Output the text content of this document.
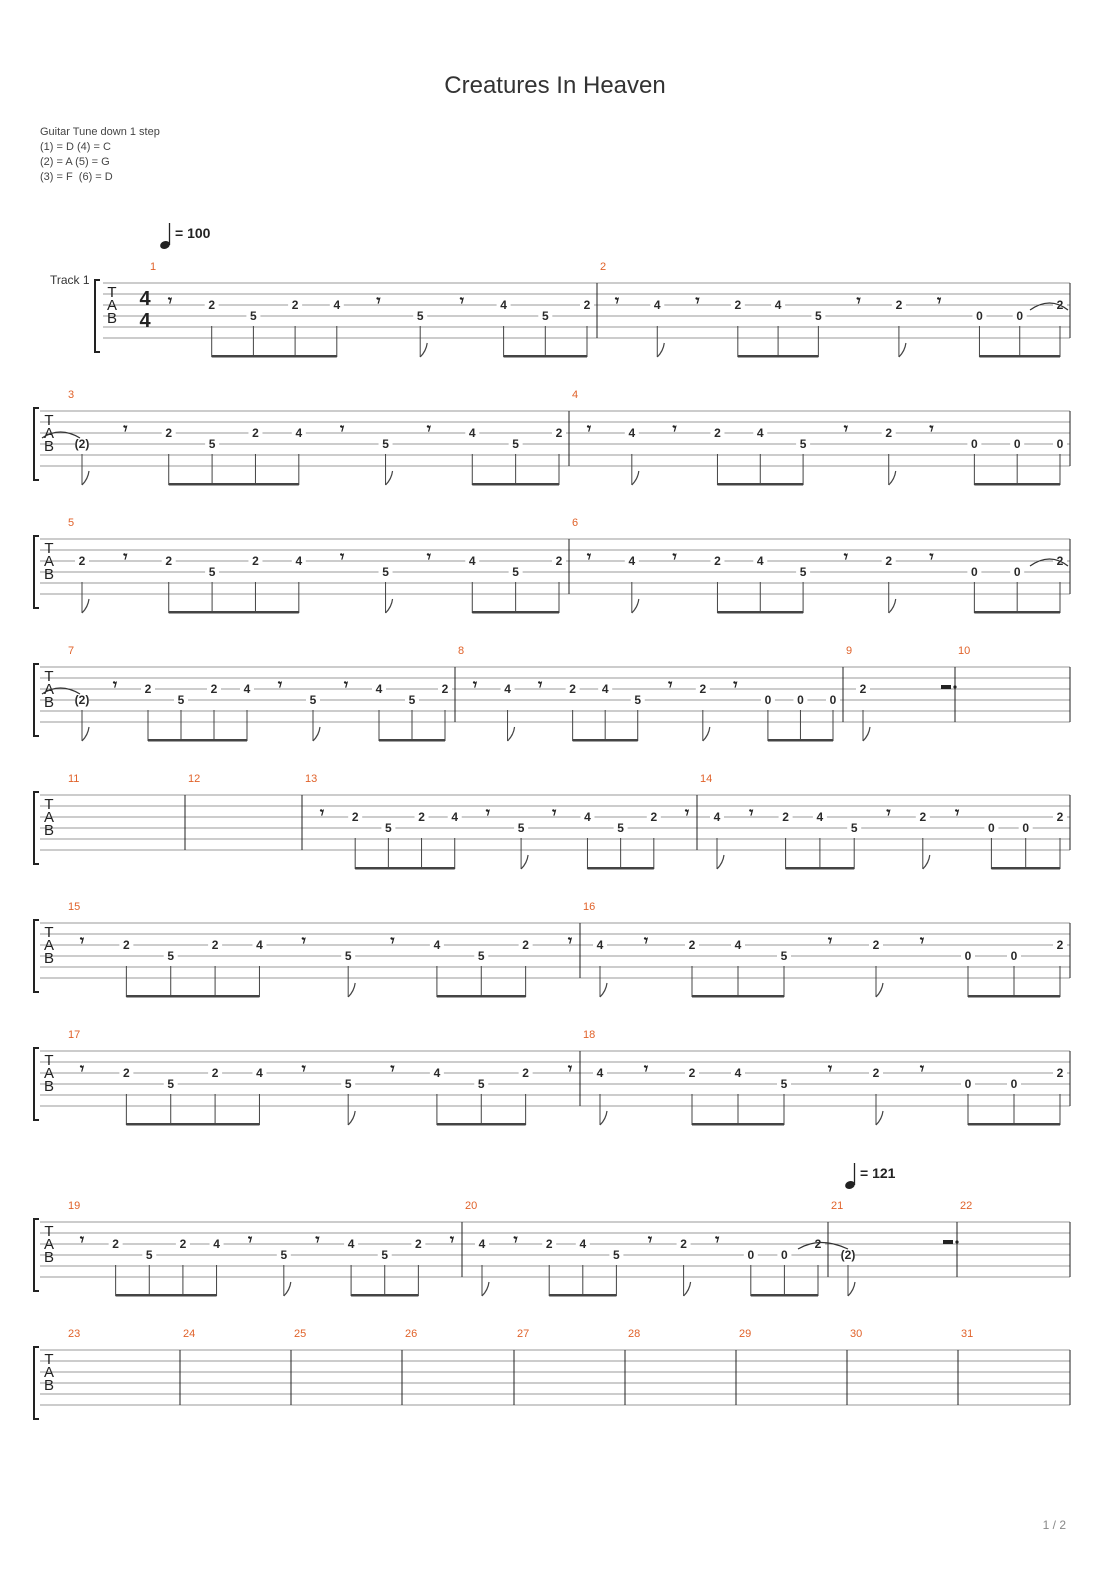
Creatures In Heaven
Guitar Tune down 1 step
(1) = D (4) = C
(2) = A (5) = G
(3) = F  (6) = D
Track 1
T
A
B
4
4
1
𝄾	2
5
2	4 𝄾
5
𝄾	4
5
2
2
𝄾	4 𝄾	2	4
5
𝄾	2 𝄾
0	0
2
T
A
B
3
(2)
𝄾	2
5
2	4 𝄾
5
𝄾	4
5
2
4
𝄾	4 𝄾	2	4
5
𝄾	2 𝄾
0	0	0
T
A
B
5
2 𝄾	2
5
2	4 𝄾
5
𝄾	4
5
2
6
𝄾	4 𝄾	2	4
5
𝄾	2 𝄾
0	0
2
T
A
B
7
(2)
𝄾 2
5
2 4 𝄾
5
𝄾 4
5
2
8
𝄾 4 𝄾 2 4
5
𝄾 2 𝄾
0 0 0
9
2
10
T
A
B
11	12	13
𝄾 2
5
2 4 𝄾
5
𝄾 4
5
2 𝄾
14
4 𝄾 2 4
5
𝄾 2 𝄾
0 0
2
T
A
B
15
𝄾	2
5
2	4 𝄾
5
𝄾	4
5
2 𝄾
16
4	𝄾	2	4
5
𝄾	2	𝄾
0	0
2
T
A
B
17
𝄾	2
5
2	4 𝄾
5
𝄾	4
5
2 𝄾
18
4	𝄾	2	4
5
𝄾	2	𝄾
0	0
2
T
A
B
19
𝄾 2
5
2 4 𝄾
5
𝄾 4
5
2 𝄾
20
4 𝄾 2 4
5
𝄾 2 𝄾
0 0
2
21
(2)
22
T
A
B
23	24	25	26	27	28	29	30	31
= 100
= 121
1 / 2
